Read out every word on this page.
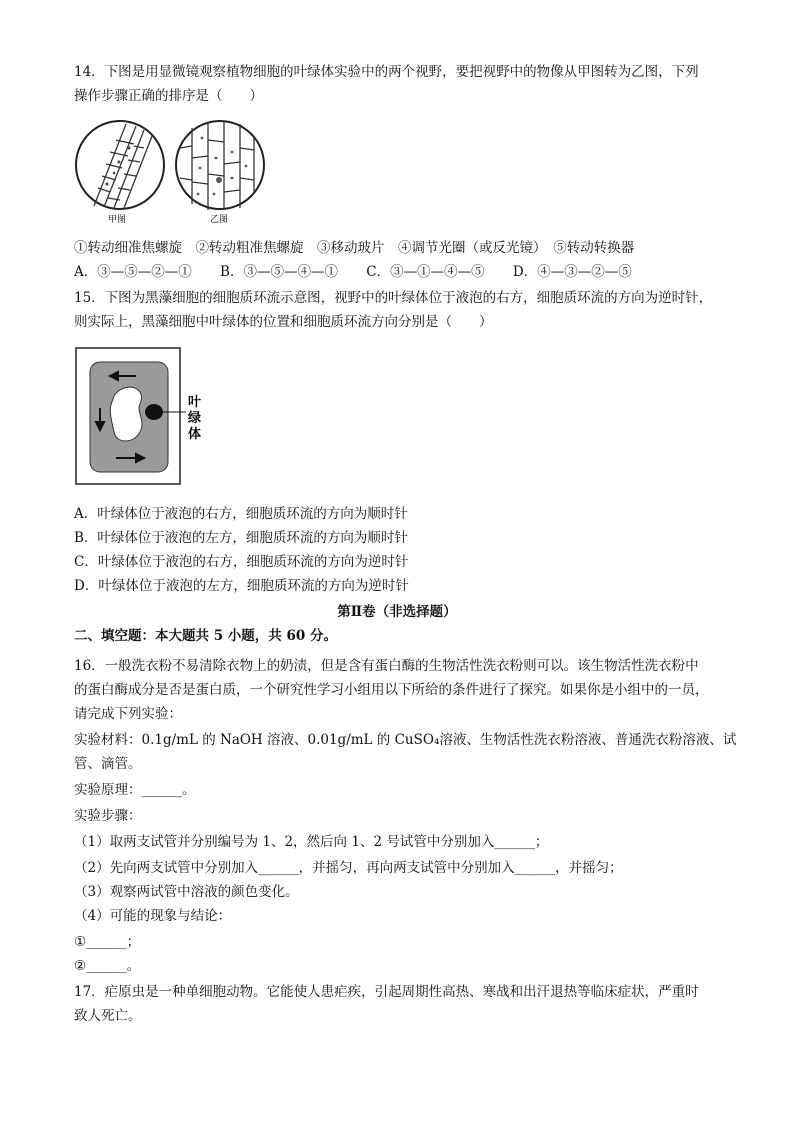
14．下图是用显微镜观察植物细胞的叶绿体实验中的两个视野，要把视野中的物像从甲图转为乙图，下列
操作步骤正确的排序是（　　）
甲图	乙图
①转动细准焦螺旋　②转动粗准焦螺旋　③移动玻片　④调节光圈（或反光镜）　⑤转动转换器
A．③—⑤—②—① B．③—⑤—④—① C．③—①—④—⑤ D．④—③—②—⑤
15．下图为黑藻细胞的细胞质环流示意图，视野中的叶绿体位于液泡的右方，细胞质环流的方向为逆时针，
则实际上，黑藻细胞中叶绿体的位置和细胞质环流方向分别是（　　）
叶
绿
体
叶绿体
A．叶绿体位于液泡的右方，细胞质环流的方向为顺时针
B．叶绿体位于液泡的左方，细胞质环流的方向为顺时针
C．叶绿体位于液泡的右方，细胞质环流的方向为逆时针
D．叶绿体位于液泡的左方，细胞质环流的方向为逆时针
第Ⅱ卷（非选择题）
二、填空题：本大题共 5 小题，共 60 分。
16．一般洗衣粉不易清除衣物上的奶渍，但是含有蛋白酶的生物活性洗衣粉则可以。该生物活性洗衣粉中
的蛋白酶成分是否是蛋白质，一个研究性学习小组用以下所给的条件进行了探究。如果你是小组中的一员，
请完成下列实验：
实验材料：0.1g/mL 的 NaOH 溶液、0.01g/mL 的 CuSO₄溶液、生物活性洗衣粉溶液、普通洗衣粉溶液、试
管、滴管。
实验原理：______。
实验步骤：
（1）取两支试管并分别编号为 1、2，然后向 1、2 号试管中分别加入______；
（2）先向两支试管中分别加入______，并摇匀，再向两支试管中分别加入______，并摇匀；
（3）观察两试管中溶液的颜色变化。
（4）可能的现象与结论：
①______；
②______。
17．疟原虫是一种单细胞动物。它能使人患疟疾，引起周期性高热、寒战和出汗退热等临床症状，严重时
致人死亡。
